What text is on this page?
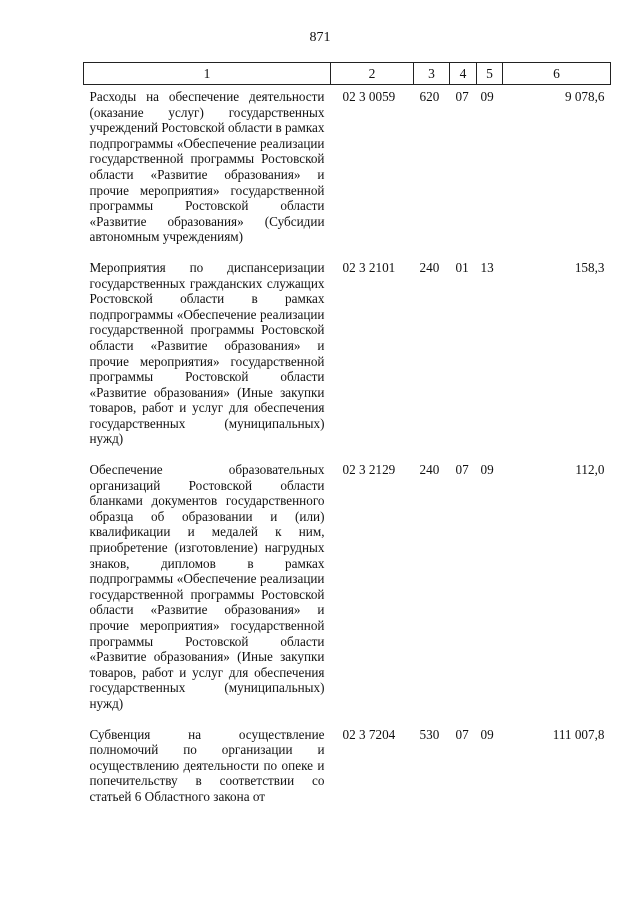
871
1	2	3	4	5	6
Расходы на обеспечение деятельности (оказание услуг) государственных учреждений Ростовской области в рамках подпрограммы «Обеспечение реализации государственной программы Ростовской области «Развитие образования» и прочие мероприятия» государственной программы Ростовской области «Развитие образования» (Субсидии автономным учреждениям)	02 3 0059	620	07	09	9 078,6
Мероприятия по диспансеризации государственных гражданских служащих Ростовской области в рамках подпрограммы «Обеспечение реализации государственной программы Ростовской области «Развитие образования» и прочие мероприятия» государственной программы Ростовской области «Развитие образования» (Иные закупки товаров, работ и услуг для обеспечения государственных (муниципальных) нужд)	02 3 2101	240	01	13	158,3
Обеспечение образовательных организаций Ростовской области бланками документов государственного образца об образовании и (или) квалификации и медалей к ним, приобретение (изготовление) нагрудных знаков, дипломов в рамках подпрограммы «Обеспечение реализации государственной программы Ростовской области «Развитие образования» и прочие мероприятия» государственной программы Ростовской области «Развитие образования» (Иные закупки товаров, работ и услуг для обеспечения государственных (муниципальных) нужд)	02 3 2129	240	07	09	112,0
Субвенция на осуществление полномочий по организации и осуществлению деятельности по опеке и попечительству в соответствии со статьей 6 Областного закона от	02 3 7204	530	07	09	111 007,8
